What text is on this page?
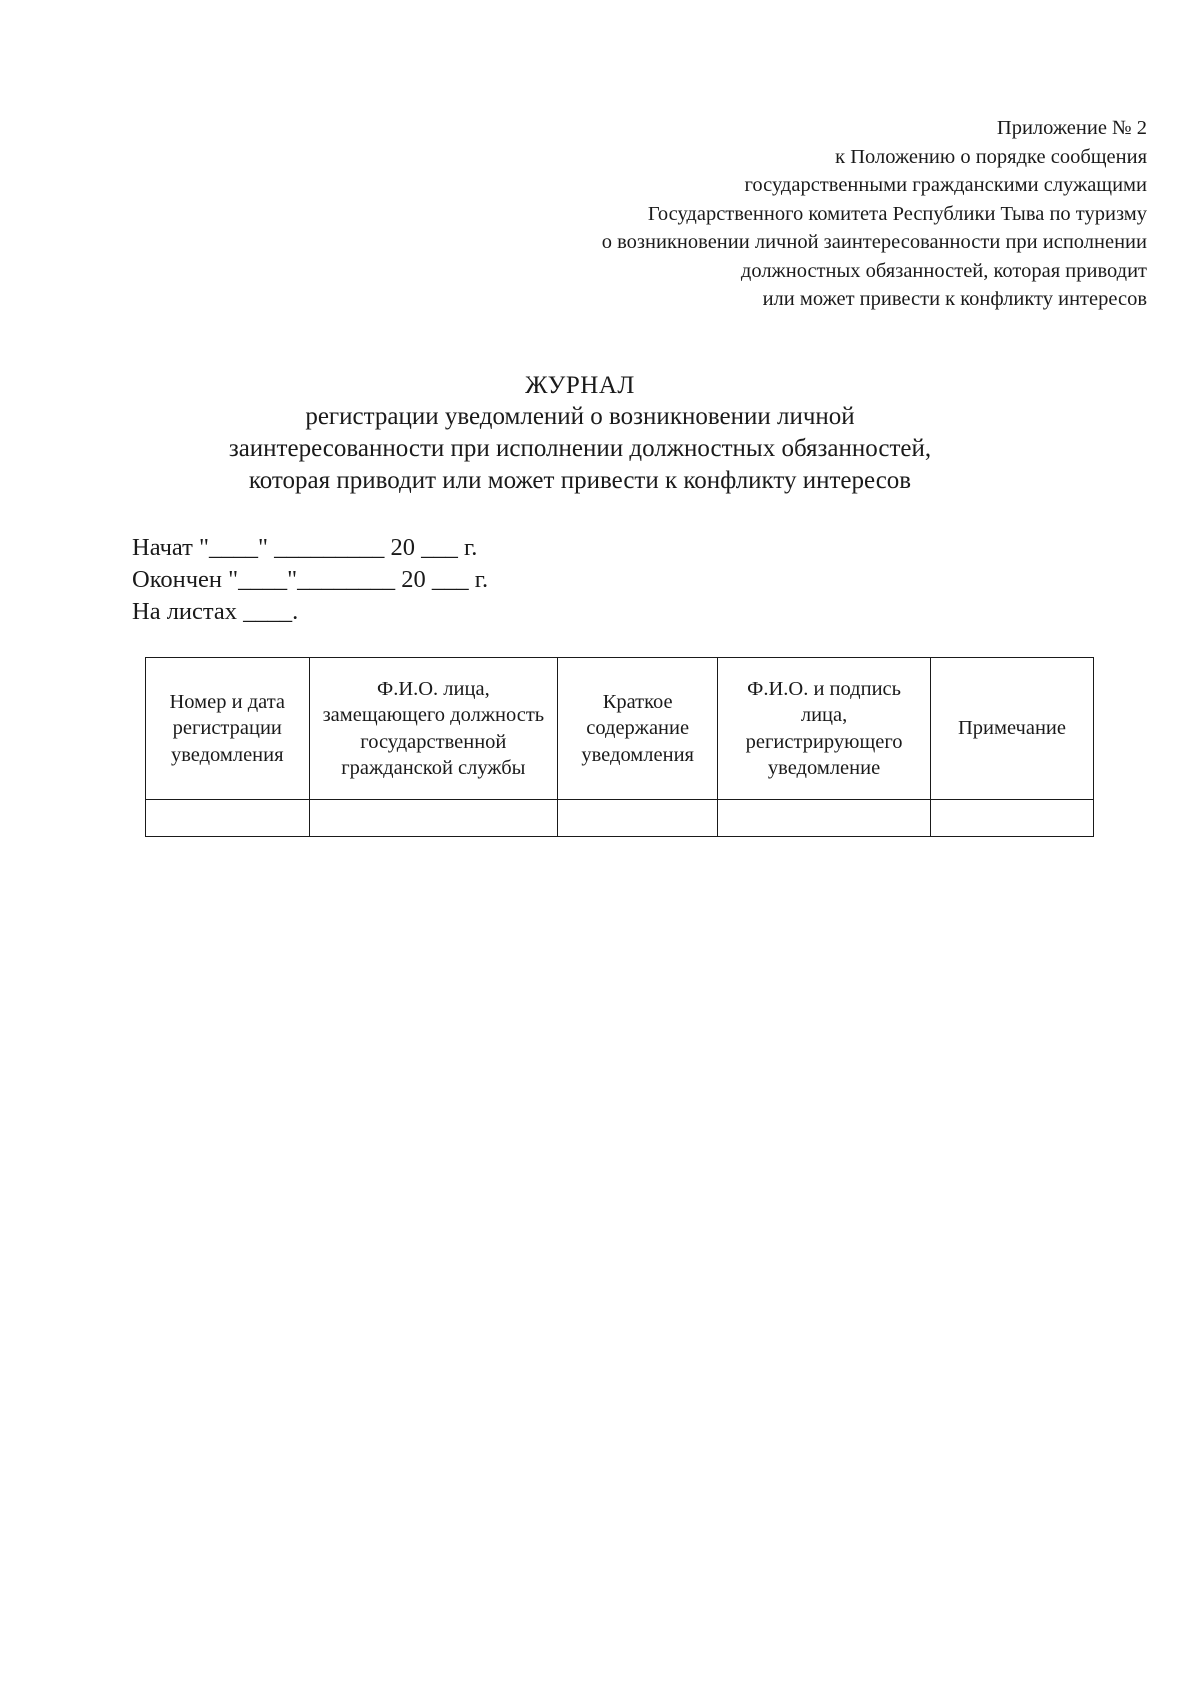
Приложение № 2
к Положению о порядке сообщения
государственными гражданскими служащими
Государственного комитета Республики Тыва по туризму
о возникновении личной заинтересованности при исполнении
должностных обязанностей, которая приводит
или может привести к конфликту интересов
ЖУРНАЛ
регистрации уведомлений о возникновении личной
заинтересованности при исполнении должностных обязанностей,
которая приводит или может привести к конфликту интересов
Начат "____" _________ 20 ___ г.
Окончен "____"________ 20 ___ г.
На листах ____.
Номер и дата регистрации уведомления	Ф.И.О. лица, замещающего должность государственной гражданской службы	Краткое содержание уведомления	Ф.И.О. и подпись лица, регистрирующего уведомление	Примечание
